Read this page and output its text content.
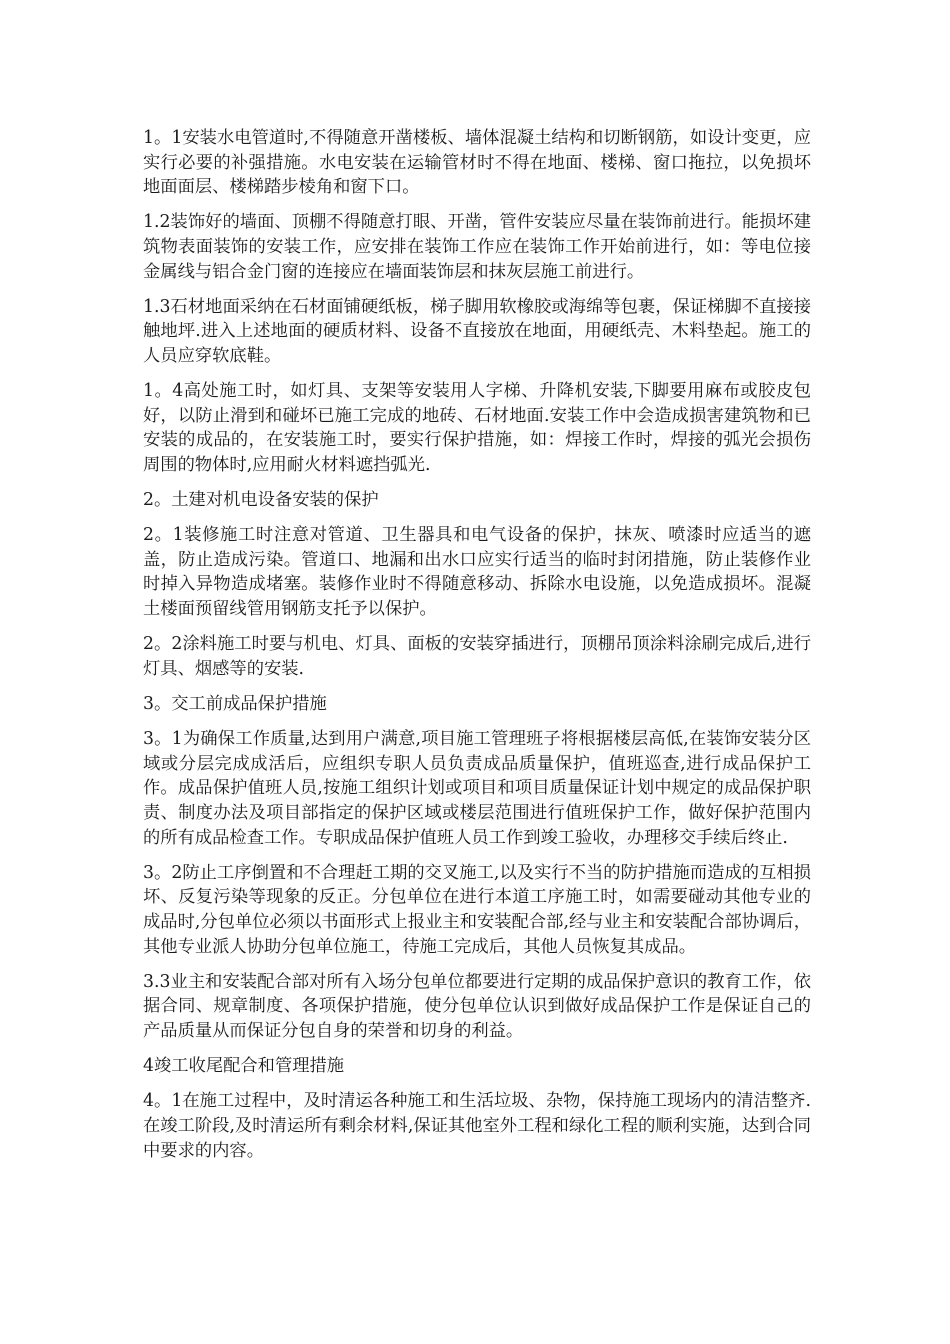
1。1安装水电管道时,不得随意开凿楼板、墙体混凝土结构和切断钢筋，如设计变更，应实行必要的补强措施。水电安装在运输管材时不得在地面、楼梯、窗口拖拉，以免损坏地面面层、楼梯踏步棱角和窗下口。

1.2装饰好的墙面、顶棚不得随意打眼、开凿，管件安装应尽量在装饰前进行。能损坏建筑物表面装饰的安装工作，应安排在装饰工作应在装饰工作开始前进行，如：等电位接金属线与铝合金门窗的连接应在墙面装饰层和抹灰层施工前进行。

1.3石材地面采纳在石材面铺硬纸板，梯子脚用软橡胶或海绵等包裹，保证梯脚不直接接触地坪.进入上述地面的硬质材料、设备不直接放在地面，用硬纸壳、木料垫起。施工的人员应穿软底鞋。

1。4高处施工时，如灯具、支架等安装用人字梯、升降机安装,下脚要用麻布或胶皮包好，以防止滑到和碰坏已施工完成的地砖、石材地面.安装工作中会造成损害建筑物和已安装的成品的，在安装施工时，要实行保护措施，如：焊接工作时，焊接的弧光会损伤周围的物体时,应用耐火材料遮挡弧光.

2。土建对机电设备安装的保护

2。1装修施工时注意对管道、卫生器具和电气设备的保护，抹灰、喷漆时应适当的遮盖，防止造成污染。管道口、地漏和出水口应实行适当的临时封闭措施，防止装修作业时掉入异物造成堵塞。装修作业时不得随意移动、拆除水电设施，以免造成损坏。混凝土楼面预留线管用钢筋支托予以保护。

2。2涂料施工时要与机电、灯具、面板的安装穿插进行，顶棚吊顶涂料涂刷完成后,进行灯具、烟感等的安装.

3。交工前成品保护措施

3。1为确保工作质量,达到用户满意,项目施工管理班子将根据楼层高低,在装饰安装分区域或分层完成成活后，应组织专职人员负责成品质量保护，值班巡查,进行成品保护工作。成品保护值班人员,按施工组织计划或项目和项目质量保证计划中规定的成品保护职责、制度办法及项目部指定的保护区域或楼层范围进行值班保护工作，做好保护范围内的所有成品检查工作。专职成品保护值班人员工作到竣工验收，办理移交手续后终止.

3。2防止工序倒置和不合理赶工期的交叉施工,以及实行不当的防护措施而造成的互相损坏、反复污染等现象的反正。分包单位在进行本道工序施工时，如需要碰动其他专业的成品时,分包单位必须以书面形式上报业主和安装配合部,经与业主和安装配合部协调后，其他专业派人协助分包单位施工，待施工完成后，其他人员恢复其成品。

3.3业主和安装配合部对所有入场分包单位都要进行定期的成品保护意识的教育工作，依据合同、规章制度、各项保护措施，使分包单位认识到做好成品保护工作是保证自己的产品质量从而保证分包自身的荣誉和切身的利益。

4竣工收尾配合和管理措施

4。1在施工过程中，及时清运各种施工和生活垃圾、杂物，保持施工现场内的清洁整齐.在竣工阶段,及时清运所有剩余材料,保证其他室外工程和绿化工程的顺利实施，达到合同中要求的内容。
